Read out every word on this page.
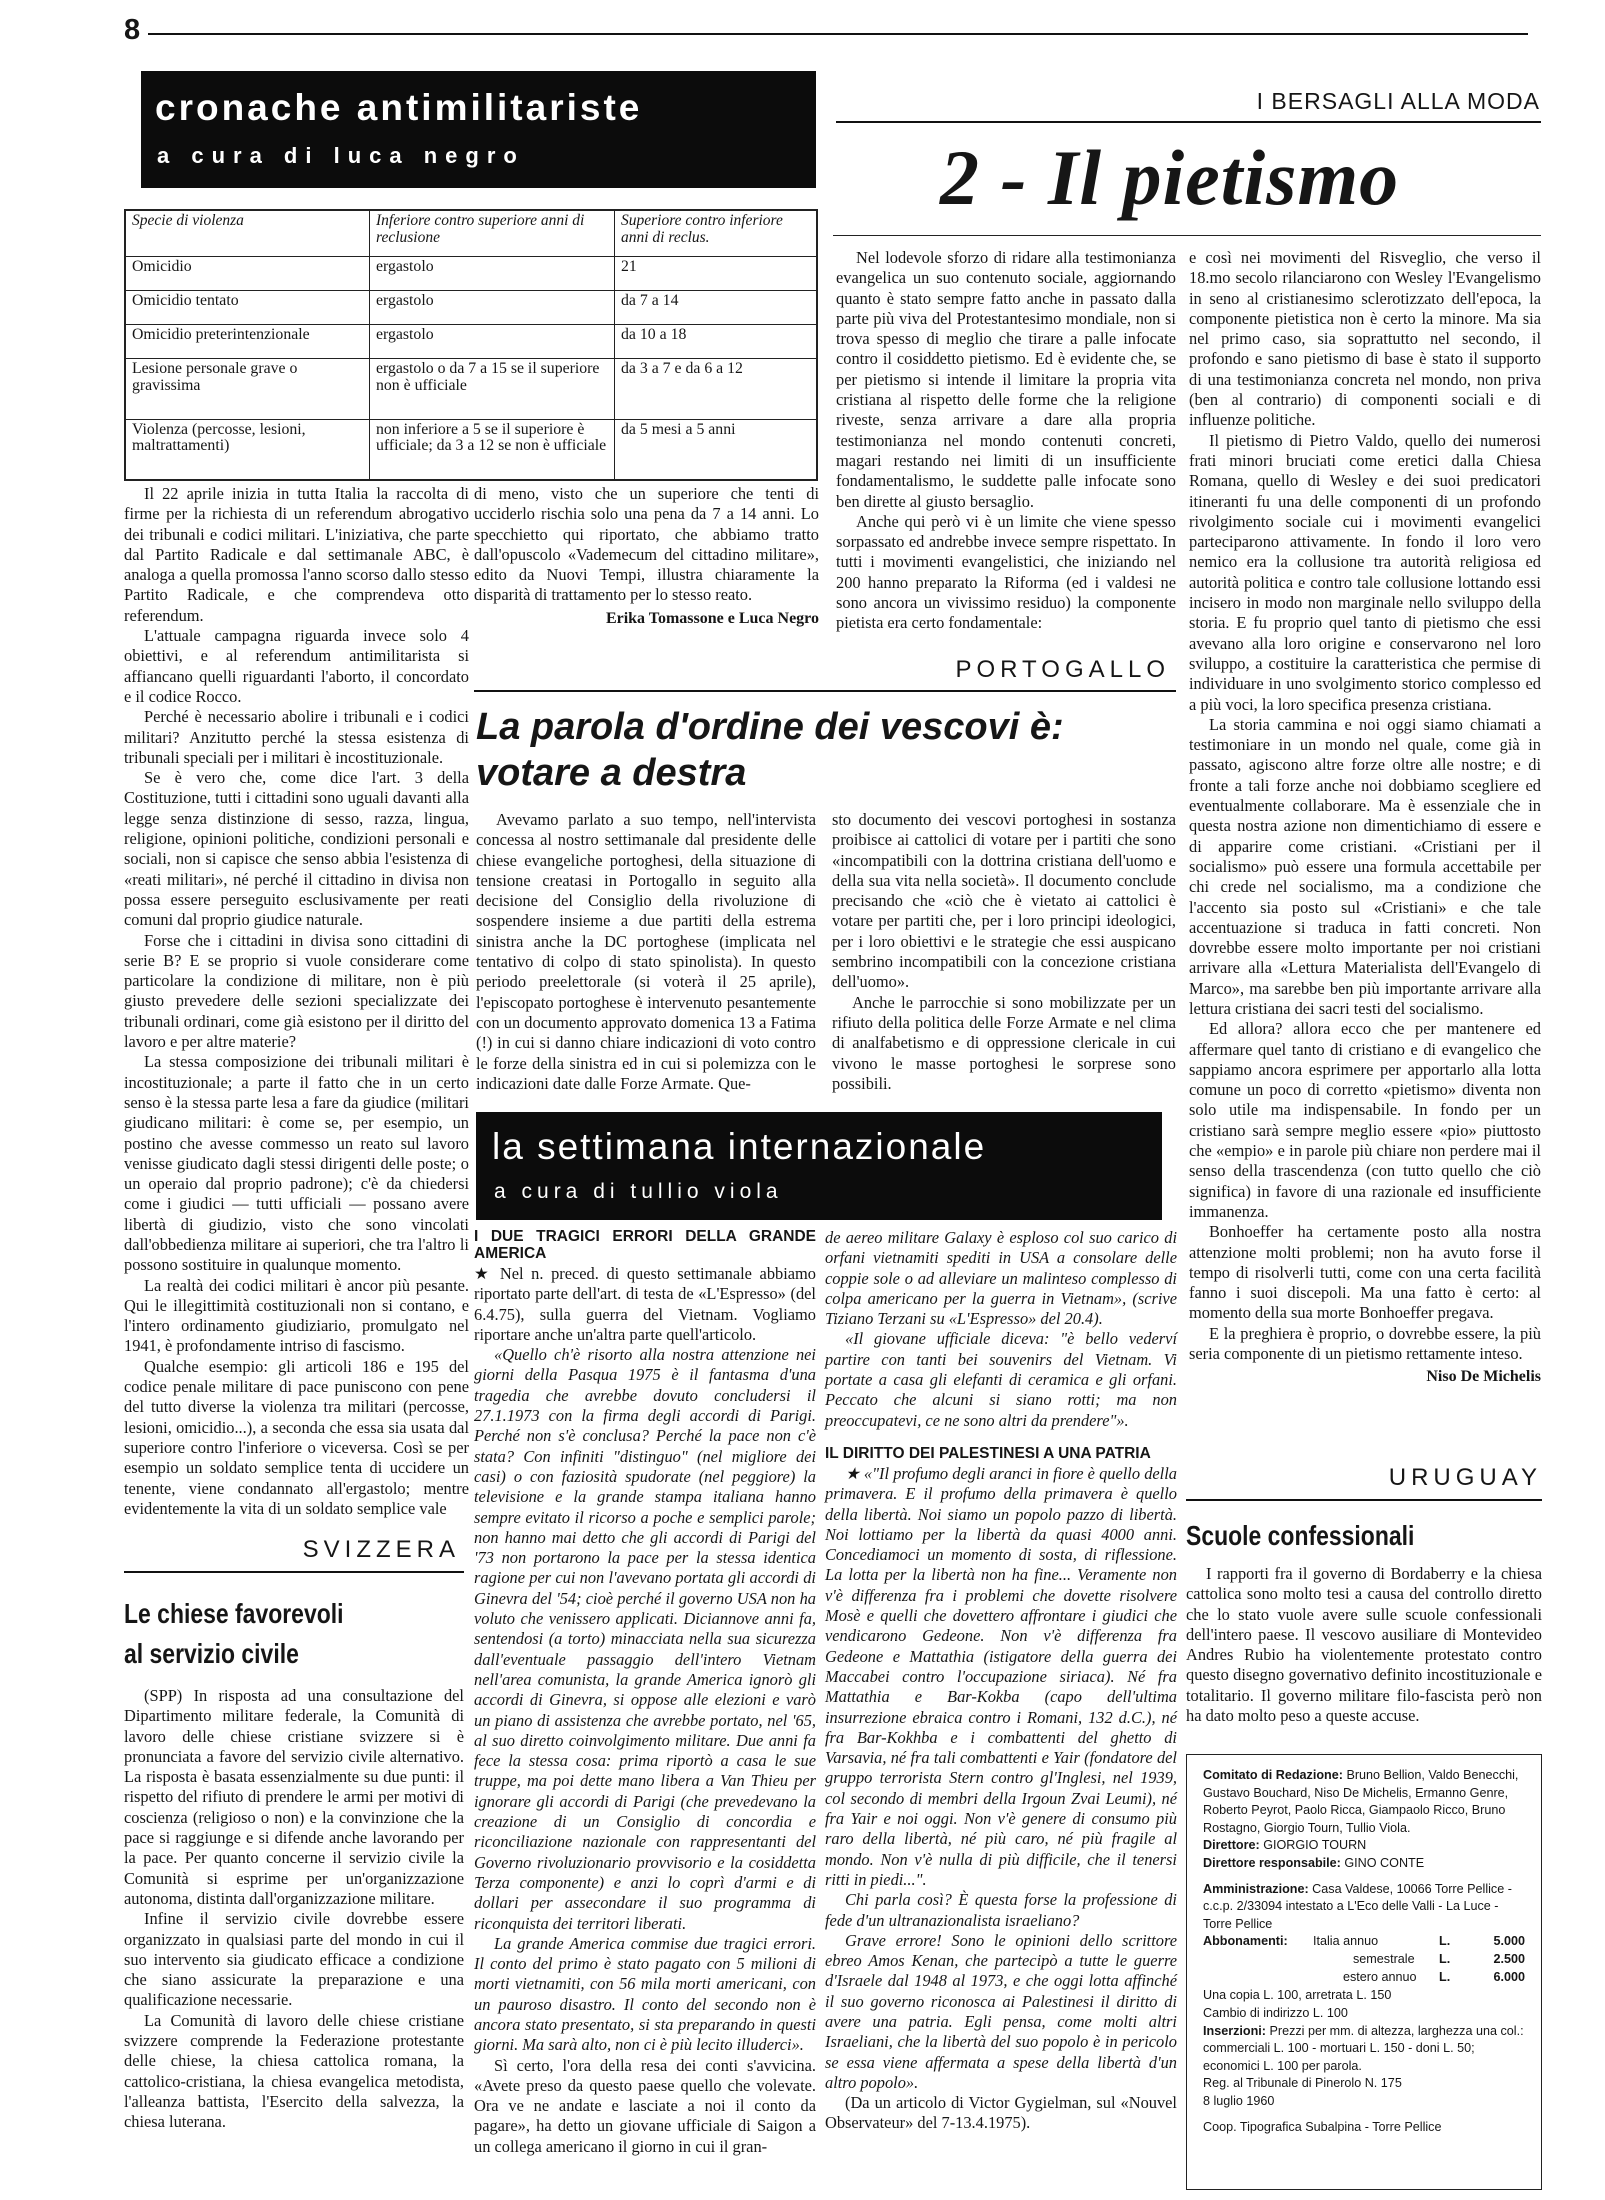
8
cronache antimilitariste
a cura di luca negro
Specie di violenza	Inferiore contro superiore anni di reclusione	Superiore contro inferiore anni di reclus.
Omicidio	ergastolo	21
Omicidio tentato	ergastolo	da 7 a 14
Omicidio preterintenzionale	ergastolo	da 10 a 18
Lesione personale grave o gravissima	ergastolo o da 7 a 15 se il superiore non è ufficiale	da 3 a 7 e da 6 a 12
Violenza (percosse, lesioni, maltrattamenti)	non inferiore a 5 se il superiore è ufficiale; da 3 a 12 se non è ufficiale	da 5 mesi a 5 anni

Il 22 aprile inizia in tutta Italia la raccolta di firme per la richiesta di un referendum abrogativo dei tribunali e codici militari. L'iniziativa, che parte dal Partito Radicale e dal settimanale ABC, è analoga a quella promossa l'anno scorso dallo stesso Partito Radicale, e che comprendeva otto referendum.

L'attuale campagna riguarda invece solo 4 obiettivi, e al referendum antimilitarista si affiancano quelli riguardanti l'aborto, il concordato e il codice Rocco.

Perché è necessario abolire i tribunali e i codici militari? Anzitutto perché la stessa esistenza di tribunali speciali per i militari è incostituzionale.

Se è vero che, come dice l'art. 3 della Costituzione, tutti i cittadini sono uguali davanti alla legge senza distinzione di sesso, razza, lingua, religione, opinioni politiche, condizioni personali e sociali, non si capisce che senso abbia l'esistenza di «reati militari», né perché il cittadino in divisa non possa essere perseguito esclusivamente per reati comuni dal proprio giudice naturale.

Forse che i cittadini in divisa sono cittadini di serie B? E se proprio si vuole considerare come particolare la condizione di militare, non è più giusto prevedere delle sezioni specializzate dei tribunali ordinari, come già esistono per il diritto del lavoro e per altre materie?

La stessa composizione dei tribunali militari è incostituzionale; a parte il fatto che in un certo senso è la stessa parte lesa a fare da giudice (militari giudicano militari: è come se, per esempio, un postino che avesse commesso un reato sul lavoro venisse giudicato dagli stessi dirigenti delle poste; o un operaio dal proprio padrone); c'è da chiedersi come i giudici — tutti ufficiali — possano avere libertà di giudizio, visto che sono vincolati dall'obbedienza militare ai superiori, che tra l'altro li possono sostituire in qualunque momento.

La realtà dei codici militari è ancor più pesante. Qui le illegittimità costituzionali non si contano, e l'intero ordinamento giudiziario, promulgato nel 1941, è profondamente intriso di fascismo.

Qualche esempio: gli articoli 186 e 195 del codice penale militare di pace puniscono con pene del tutto diverse la violenza tra militari (percosse, lesioni, omicidio...), a seconda che essa sia usata dal superiore contro l'inferiore o viceversa. Così se per esempio un soldato semplice tenta di uccidere un tenente, viene condannato all'ergastolo; mentre evidentemente la vita di un soldato semplice vale

di meno, visto che un superiore che tenti di ucciderlo rischia solo una pena da 7 a 14 anni. Lo specchietto qui riportato, che abbiamo tratto dall'opuscolo «Vademecum del cittadino militare», edito da Nuovi Tempi, illustra chiaramente la disparità di trattamento per lo stesso reato.

Erika Tomassone e Luca Negro
I BERSAGLI ALLA MODA
2 - Il pietismo

Nel lodevole sforzo di ridare alla testimonianza evangelica un suo contenuto sociale, aggiornando quanto è stato sempre fatto anche in passato dalla parte più viva del Protestantesimo mondiale, non si trova spesso di meglio che tirare a palle infocate contro il cosiddetto pietismo. Ed è evidente che, se per pietismo si intende il limitare la propria vita cristiana al rispetto delle forme che la religione riveste, senza arrivare a dare alla propria testimonianza nel mondo contenuti concreti, magari restando nei limiti di un insufficiente fondamentalismo, le suddette palle infocate sono ben dirette al giusto bersaglio.

Anche qui però vi è un limite che viene spesso sorpassato ed andrebbe invece sempre rispettato. In tutti i movimenti evangelistici, che iniziando nel 200 hanno preparato la Riforma (ed i valdesi ne sono ancora un vivissimo residuo) la componente pietista era certo fondamentale:

e così nei movimenti del Risveglio, che verso il 18.mo secolo rilanciarono con Wesley l'Evangelismo in seno al cristianesimo sclerotizzato dell'epoca, la componente pietistica non è certo la minore. Ma sia nel primo caso, sia soprattutto nel secondo, il profondo e sano pietismo di base è stato il supporto di una testimonianza concreta nel mondo, non priva (ben al contrario) di componenti sociali e di influenze politiche.

Il pietismo di Pietro Valdo, quello dei numerosi frati minori bruciati come eretici dalla Chiesa Romana, quello di Wesley e dei suoi predicatori itineranti fu una delle componenti di un profondo rivolgimento sociale cui i movimenti evangelici parteciparono attivamente. In fondo il loro vero nemico era la collusione tra autorità religiosa ed autorità politica e contro tale collusione lottando essi incisero in modo non marginale nello sviluppo della storia. E fu proprio quel tanto di pietismo che essi avevano alla loro origine e conservarono nel loro sviluppo, a costituire la caratteristica che permise di individuare in uno svolgimento storico complesso ed a più voci, la loro specifica presenza cristiana.

La storia cammina e noi oggi siamo chiamati a testimoniare in un mondo nel quale, come già in passato, agiscono altre forze oltre alle nostre; e di fronte a tali forze anche noi dobbiamo scegliere ed eventualmente collaborare. Ma è essenziale che in questa nostra azione non dimentichiamo di essere e di apparire come cristiani. «Cristiani per il socialismo» può essere una formula accettabile per chi crede nel socialismo, ma a condizione che l'accento sia posto sul «Cristiani» e che tale accentuazione si traduca in fatti concreti. Non dovrebbe essere molto importante per noi cristiani arrivare alla «Lettura Materialista dell'Evangelo di Marco», ma sarebbe ben più importante arrivare alla lettura cristiana dei sacri testi del socialismo.

Ed allora? allora ecco che per mantenere ed affermare quel tanto di cristiano e di evangelico che sappiamo ancora esprimere per apportarlo alla lotta comune un poco di corretto «pietismo» diventa non solo utile ma indispensabile. In fondo per un cristiano sarà sempre meglio essere «pio» piuttosto che «empio» e in parole più chiare non perdere mai il senso della trascendenza (con tutto quello che ciò significa) in favore di una razionale ed insufficiente immanenza.

Bonhoeffer ha certamente posto alla nostra attenzione molti problemi; non ha avuto forse il tempo di risolverli tutti, come con una certa facilità fanno i suoi discepoli. Ma una fatto è certo: al momento della sua morte Bonhoeffer pregava.

E la preghiera è proprio, o dovrebbe essere, la più seria componente di un pietismo rettamente inteso.

Niso De Michelis
PORTOGALLO
La parola d'ordine dei vescovi è: votare a destra

Avevamo parlato a suo tempo, nell'intervista concessa al nostro settimanale dal presidente delle chiese evangeliche portoghesi, della situazione di tensione creatasi in Portogallo in seguito alla decisione del Consiglio della rivoluzione di sospendere insieme a due partiti della estrema sinistra anche la DC portoghese (implicata nel tentativo di colpo di stato spinolista). In questo periodo preelettorale (si voterà il 25 aprile), l'episcopato portoghese è intervenuto pesantemente con un documento approvato domenica 13 a Fatima (!) in cui si danno chiare indicazioni di voto contro le forze della sinistra ed in cui si polemizza con le indicazioni date dalle Forze Armate. Que-

sto documento dei vescovi portoghesi in sostanza proibisce ai cattolici di votare per i partiti che sono «incompatibili con la dottrina cristiana dell'uomo e della sua vita nella società». Il documento conclude precisando che «ciò che è vietato ai cattolici è votare per partiti che, per i loro principi ideologici, per i loro obiettivi e le strategie che essi auspicano sembrino incompatibili con la concezione cristiana dell'uomo».

Anche le parrocchie si sono mobilizzate per un rifiuto della politica delle Forze Armate e nel clima di analfabetismo e di oppressione clericale in cui vivono le masse portoghesi le sorprese sono possibili.

la settimana internazionale
a cura di tullio viola
I DUE TRAGICI ERRORI DELLA GRANDE AMERICA

★ Nel n. preced. di questo settimanale abbiamo riportato parte dell'art. di testa de «L'Espresso» (del 6.4.75), sulla guerra del Vietnam. Vogliamo riportare anche un'altra parte quell'articolo.

«Quello ch'è risorto alla nostra attenzione nei giorni della Pasqua 1975 è il fantasma d'una tragedia che avrebbe dovuto concludersi il 27.1.1973 con la firma degli accordi di Parigi. Perché non s'è conclusa? Perché la pace non c'è stata? Con infiniti "distinguo" (nel migliore dei casi) o con faziosità spudorate (nel peggiore) la televisione e la grande stampa italiana hanno sempre evitato il ricorso a poche e semplici parole; non hanno mai detto che gli accordi di Parigi del '73 non portarono la pace per la stessa identica ragione per cui non l'avevano portata gli accordi di Ginevra del '54; cioè perché il governo USA non ha voluto che venissero applicati. Diciannove anni fa, sentendosi (a torto) minacciata nella sua sicurezza dall'eventuale passaggio dell'intero Vietnam nell'area comunista, la grande America ignorò gli accordi di Ginevra, si oppose alle elezioni e varò un piano di assistenza che avrebbe portato, nel '65, al suo diretto coinvolgimento militare. Due anni fa fece la stessa cosa: prima riportò a casa le sue truppe, ma poi dette mano libera a Van Thieu per ignorare gli accordi di Parigi (che prevedevano la creazione di un Consiglio di concordia e riconciliazione nazionale con rappresentanti del Governo rivoluzionario provvisorio e la cosiddetta Terza componente) e anzi lo coprì d'armi e di dollari per assecondare il suo programma di riconquista dei territori liberati.

La grande America commise due tragici errori. Il conto del primo è stato pagato con 5 milioni di morti vietnamiti, con 56 mila morti americani, con un pauroso disastro. Il conto del secondo non è ancora stato presentato, si sta preparando in questi giorni. Ma sarà alto, non ci è più lecito illuderci».

Sì certo, l'ora della resa dei conti s'avvicina. «Avete preso da questo paese quello che volevate. Ora ve ne andate e lasciate a noi il conto da pagare», ha detto un giovane ufficiale di Saigon a un collega americano il giorno in cui il gran-

de aereo militare Galaxy è esploso col suo carico di orfani vietnamiti spediti in USA a consolare delle coppie sole o ad alleviare un malinteso complesso di colpa americano per la guerra in Vietnam», (scrive Tiziano Terzani su «L'Espresso» del 20.4).

«Il giovane ufficiale diceva: "è bello vederví partire con tanti bei souvenirs del Vietnam. Vi portate a casa gli elefanti di ceramica e gli orfani. Peccato che alcuni si siano rotti; ma non preoccupatevi, ce ne sono altri da prendere"».

IL DIRITTO DEI PALESTINESI A UNA PATRIA

★ «"Il profumo degli aranci in fiore è quello della primavera. E il profumo della primavera è quello della libertà. Noi siamo un popolo pazzo di libertà. Noi lottiamo per la libertà da quasi 4000 anni. Concediamoci un momento di sosta, di riflessione. La lotta per la libertà non ha fine... Veramente non v'è differenza fra i problemi che dovette risolvere Mosè e quelli che dovettero affrontare i giudici che vendicarono Gedeone. Non v'è differenza fra Gedeone e Mattathia (istigatore della guerra dei Maccabei contro l'occupazione siriaca). Né fra Mattathia e Bar-Kokba (capo dell'ultima insurrezione ebraica contro i Romani, 132 d.C.), né fra Bar-Kokhba e i combattenti del ghetto di Varsavia, né fra tali combattenti e Yair (fondatore del gruppo terrorista Stern contro gl'Inglesi, nel 1939, col secondo di membri della Irgoun Zvai Leumi), né fra Yair e noi oggi. Non v'è genere di consumo più raro della libertà, né più caro, né più fragile al mondo. Non v'è nulla di più difficile, che il tenersi ritti in piedi...".

Chi parla così? È questa forse la professione di fede d'un ultranazionalista israeliano?

Grave errore! Sono le opinioni dello scrittore ebreo Amos Kenan, che partecipò a tutte le guerre d'Israele dal 1948 al 1973, e che oggi lotta affinché il suo governo riconosca ai Palestinesi il diritto di avere una patria. Egli pensa, come molti altri Israeliani, che la libertà del suo popolo è in pericolo se essa viene affermata a spese della libertà d'un altro popolo».

(Da un articolo di Victor Gygielman, sul «Nouvel Observateur» del 7-13.4.1975).

SVIZZERA
Le chiese favorevoli
al servizio civile

(SPP) In risposta ad una consultazione del Dipartimento militare federale, la Comunità di lavoro delle chiese cristiane svizzere si è pronunciata a favore del servizio civile alternativo. La risposta è basata essenzialmente su due punti: il rispetto del rifiuto di prendere le armi per motivi di coscienza (religioso o non) e la convinzione che la pace si raggiunge e si difende anche lavorando per la pace. Per quanto concerne il servizio civile la Comunità si esprime per un'organizzazione autonoma, distinta dall'organizzazione militare.

Infine il servizio civile dovrebbe essere organizzato in qualsiasi parte del mondo in cui il suo intervento sia giudicato efficace a condizione che siano assicurate la preparazione e una qualificazione necessarie.

La Comunità di lavoro delle chiese cristiane svizzere comprende la Federazione protestante delle chiese, la chiesa cattolica romana, la cattolico-cristiana, la chiesa evangelica metodista, l'alleanza battista, l'Esercito della salvezza, la chiesa luterana.

URUGUAY
Scuole confessionali

I rapporti fra il governo di Bordaberry e la chiesa cattolica sono molto tesi a causa del controllo diretto che lo stato vuole avere sulle scuole confessionali dell'intero paese. Il vescovo ausiliare di Montevideo Andres Rubio ha violentemente protestato contro questo disegno governativo definito incostituzionale e totalitario. Il governo militare filo-fascista però non ha dato molto peso a queste accuse.

Comitato di Redazione: Bruno Bellion, Valdo Benecchi, Gustavo Bouchard, Niso De Michelis, Ermanno Genre, Roberto Peyrot, Paolo Ricca, Giampaolo Ricco, Bruno Rostagno, Giorgio Tourn, Tullio Viola.
Direttore: GIORGIO TOURN
Direttore responsabile: GINO CONTE
Amministrazione: Casa Valdese, 10066 Torre Pellice - c.c.p. 2/33094 intestato a L'Eco delle Valli - La Luce - Torre Pellice
Abbonamenti: Italia annuo	L.	5.000
semestrale L.	2.500
estero annuo L.	6.000
Una copia L. 100, arretrata L. 150
Cambio di indirizzo L. 100
Inserzioni: Prezzi per mm. di altezza, larghezza una col.: commerciali L. 100 - mortuari L. 150 - doni L. 50; economici L. 100 per parola.
Reg. al Tribunale di Pinerolo N. 175
8 luglio 1960
Coop. Tipografica Subalpina - Torre Pellice
